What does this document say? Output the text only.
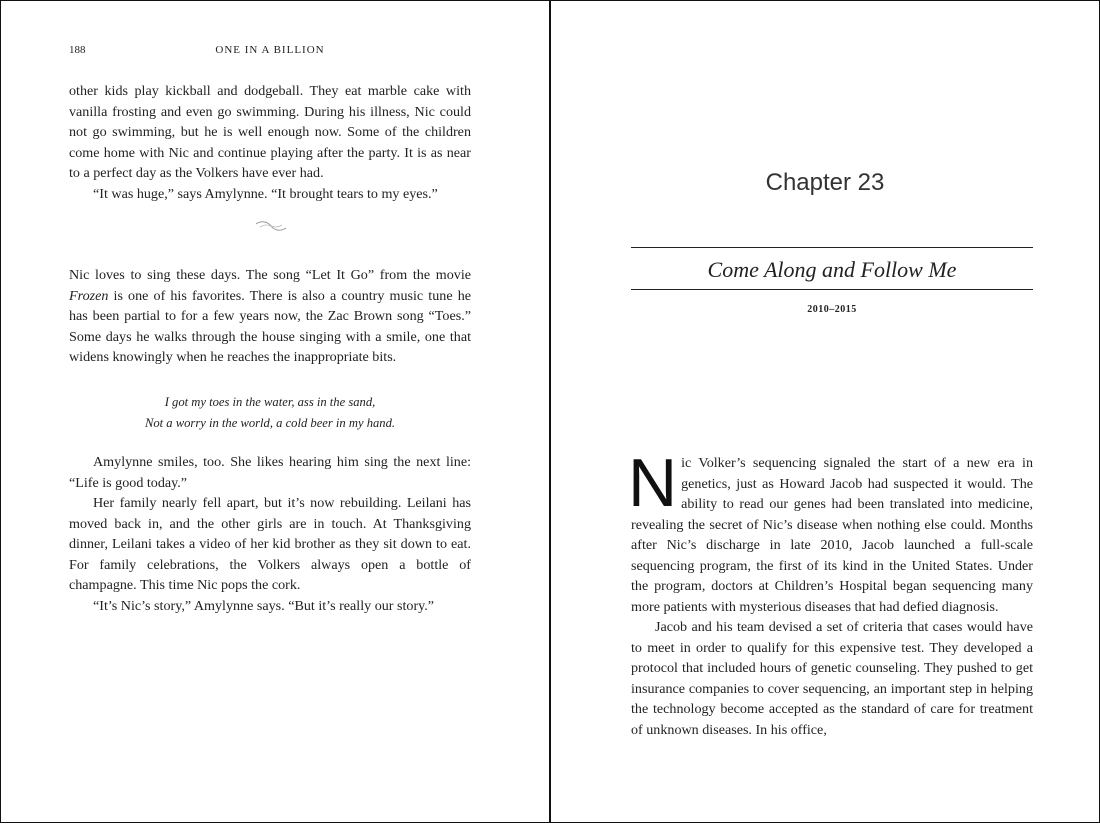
188	ONE IN A BILLION

other kids play kickball and dodgeball. They eat marble cake with vanilla frosting and even go swimming. During his illness, Nic could not go swimming, but he is well enough now. Some of the children come home with Nic and continue playing after the party. It is as near to a perfect day as the Volkers have ever had.

“It was huge,” says Amylynne. “It brought tears to my eyes.”

Nic loves to sing these days. The song “Let It Go” from the movie Frozen is one of his favorites. There is also a country music tune he has been partial to for a few years now, the Zac Brown song “Toes.” Some days he walks through the house singing with a smile, one that widens knowingly when he reaches the inappropriate bits.

I got my toes in the water, ass in the sand,
Not a worry in the world, a cold beer in my hand.

Amylynne smiles, too. She likes hearing him sing the next line: “Life is good today.”

Her family nearly fell apart, but it’s now rebuilding. Leilani has moved back in, and the other girls are in touch. At Thanksgiving dinner, Leilani takes a video of her kid brother as they sit down to eat. For family celebrations, the Volkers always open a bottle of champagne. This time Nic pops the cork.

“It’s Nic’s story,” Amylynne says. “But it’s really our story.”

Chapter 23
Come Along and Follow Me
2010–2015

Nic Volker’s sequencing signaled the start of a new era in genetics, just as Howard Jacob had suspected it would. The ability to read our genes had been translated into medicine, revealing the secret of Nic’s disease when nothing else could. Months after Nic’s discharge in late 2010, Jacob launched a full-scale sequencing program, the first of its kind in the United States. Under the program, doctors at Children’s Hospital began sequencing many more patients with mysterious diseases that had defied diagnosis.

Jacob and his team devised a set of criteria that cases would have to meet in order to qualify for this expensive test. They developed a protocol that included hours of genetic counseling. They pushed to get insurance companies to cover sequencing, an important step in helping the technology become accepted as the standard of care for treatment of unknown diseases. In his office,
